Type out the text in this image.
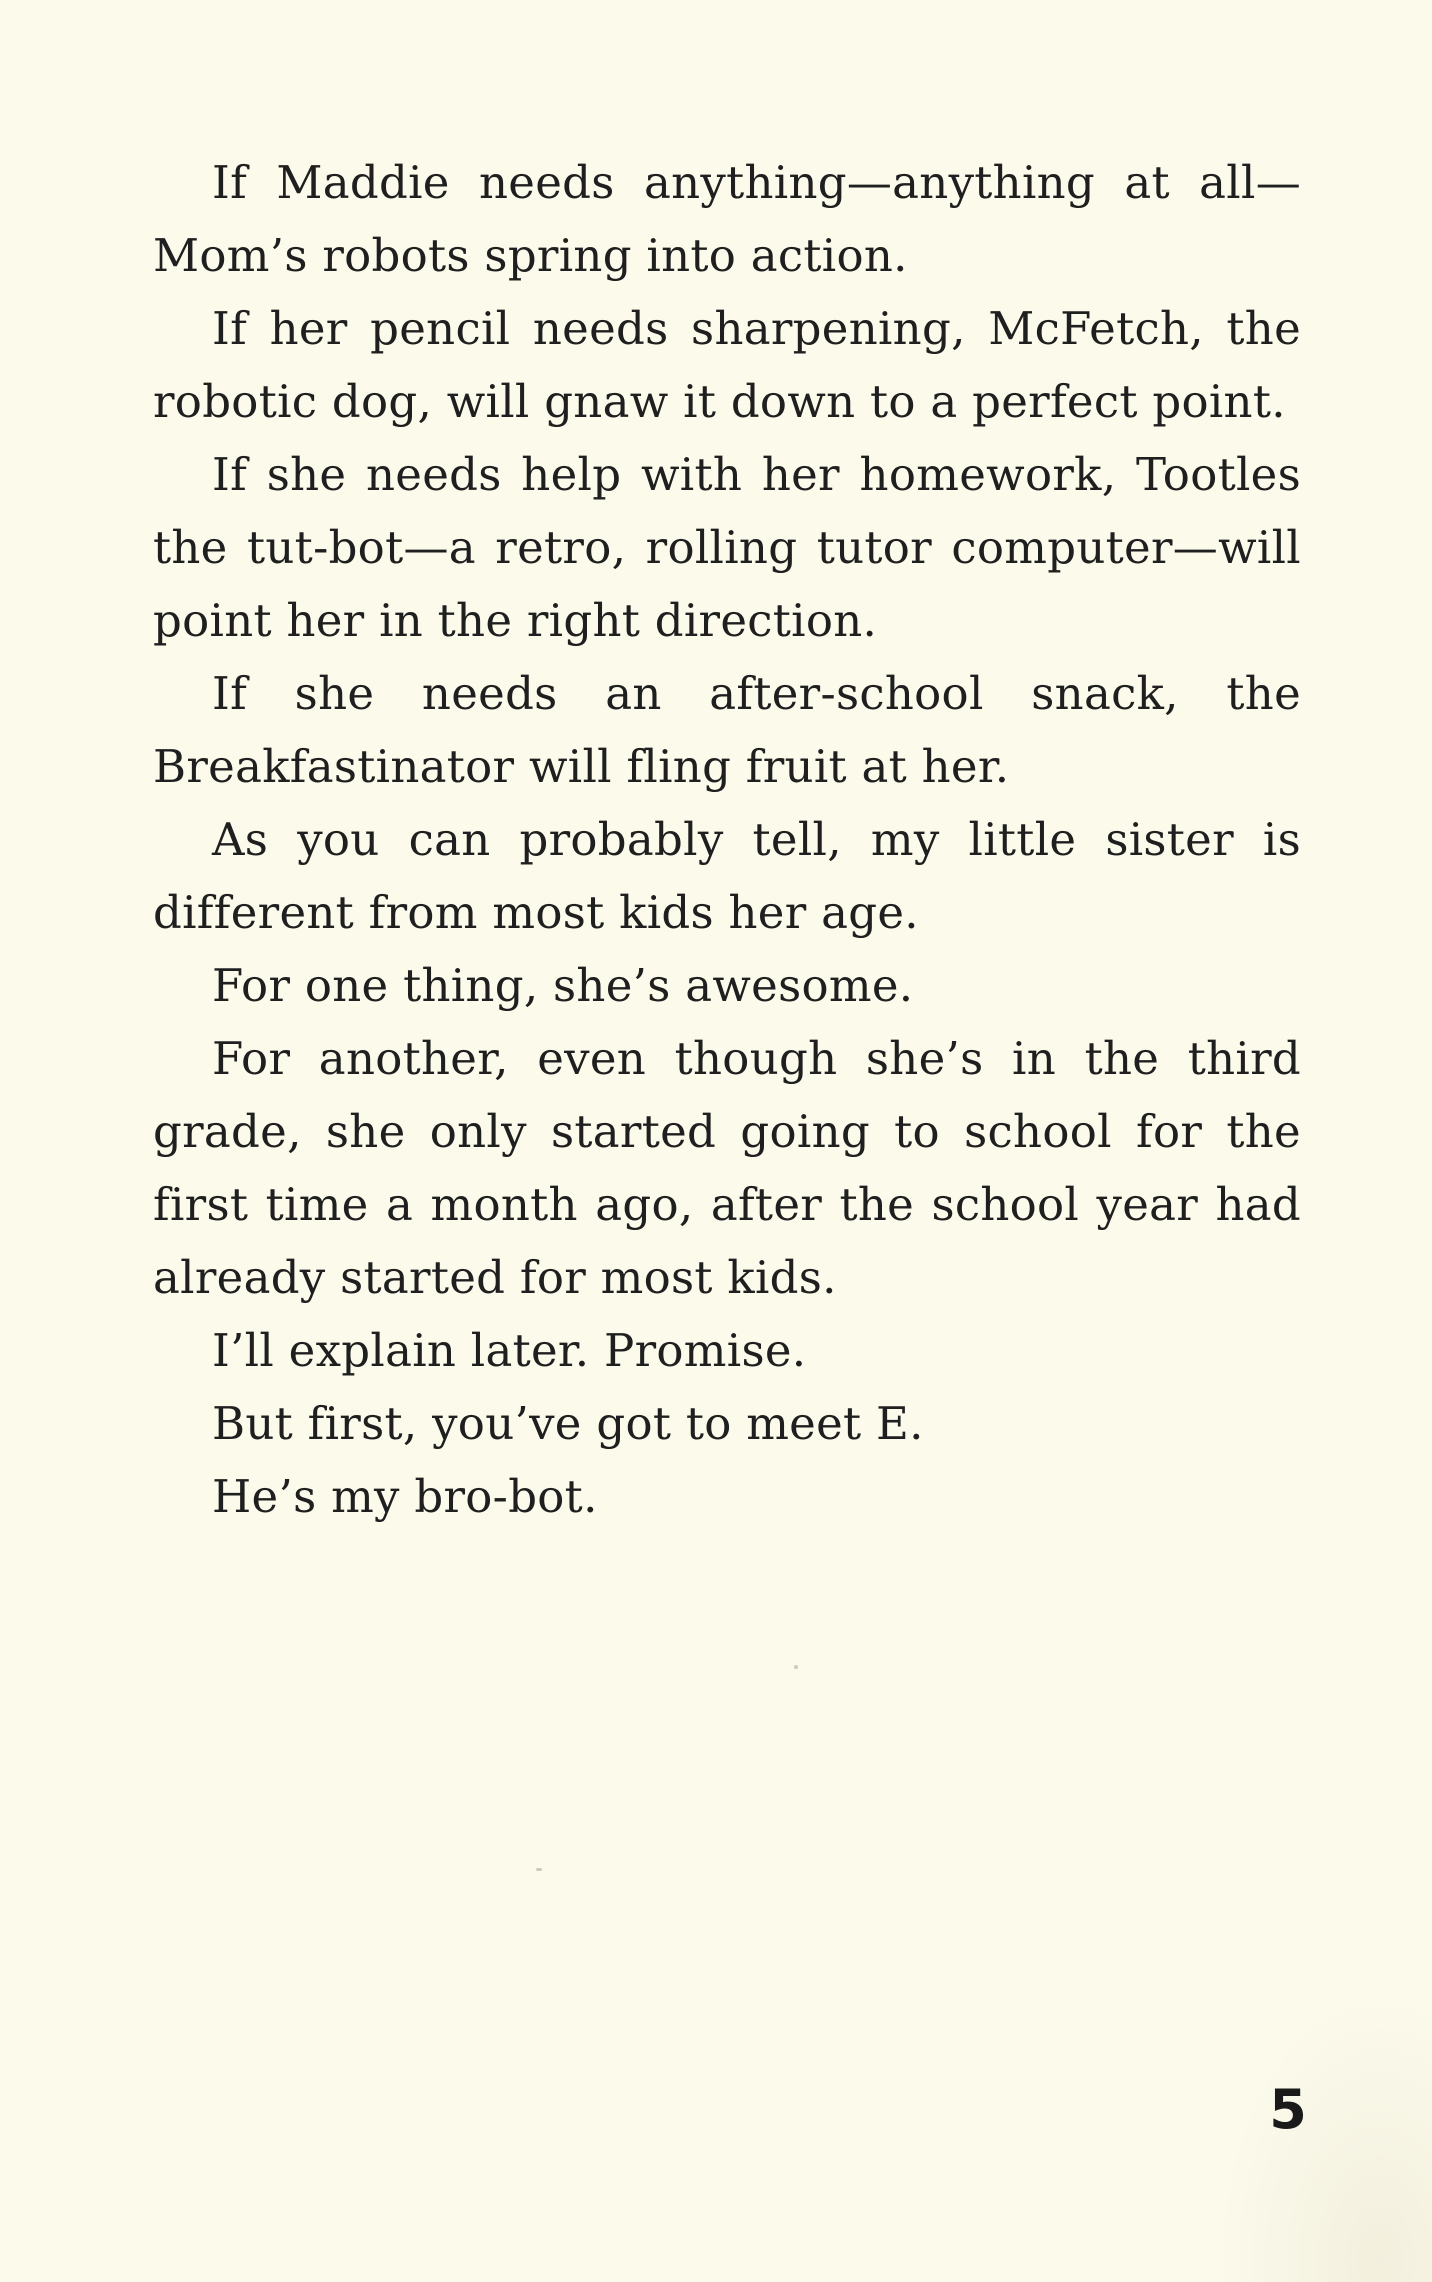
If Maddie needs anything—anything at all— Mom’s robots spring into action.

If her pencil needs sharpening, McFetch, the robotic dog, will gnaw it down to a perfect point.

If she needs help with her homework, Tootles the tut-bot—a retro, rolling tutor computer—will point her in the right direction.

If she needs an after-school snack, the Breakfastinator will fling fruit at her.

As you can probably tell, my little sister is different from most kids her age.

For one thing, she’s awesome.

For another, even though she’s in the third grade, she only started going to school for the first time a month ago, after the school year had already started for most kids.

I’ll explain later. Promise.

But first, you’ve got to meet E.

He’s my bro-bot.

5
